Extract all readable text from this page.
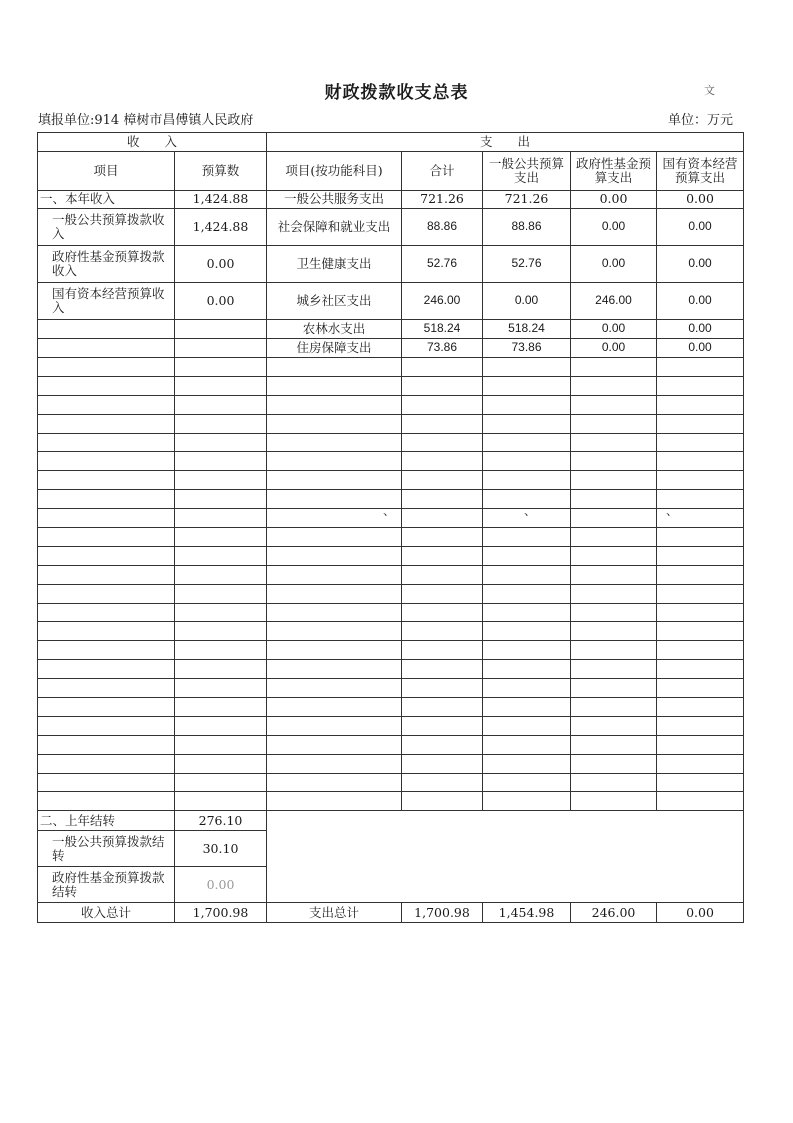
财政拨款收支总表	文
填报单位:914 樟树市昌傅镇人民政府	单位：万元
收　　入		支　　出				
项目	预算数	项目(按功能科目)	合计	一般公共预算支出	政府性基金预算支出	国有资本经营预算支出
一、本年收入	1,424.88	一般公共服务支出	721.26	721.26	0.00	0.00
一般公共预算拨款收入	1,424.88	社会保障和就业支出	88.86	88.86	0.00	0.00
政府性基金预算拨款收入	0.00	卫生健康支出	52.76	52.76	0.00	0.00
国有资本经营预算收入	0.00	城乡社区支出	246.00	0.00	246.00	0.00
		农林水支出	518.24	518.24	0.00	0.00
		住房保障支出	73.86	73.86	0.00	0.00

二、上年结转	276.10					
一般公共预算拨款结转	30.10					
政府性基金预算拨款结转	0.00					
收入总计	1,700.98	支出总计	1,700.98	1,454.98	246.00	0.00
、	、	、
